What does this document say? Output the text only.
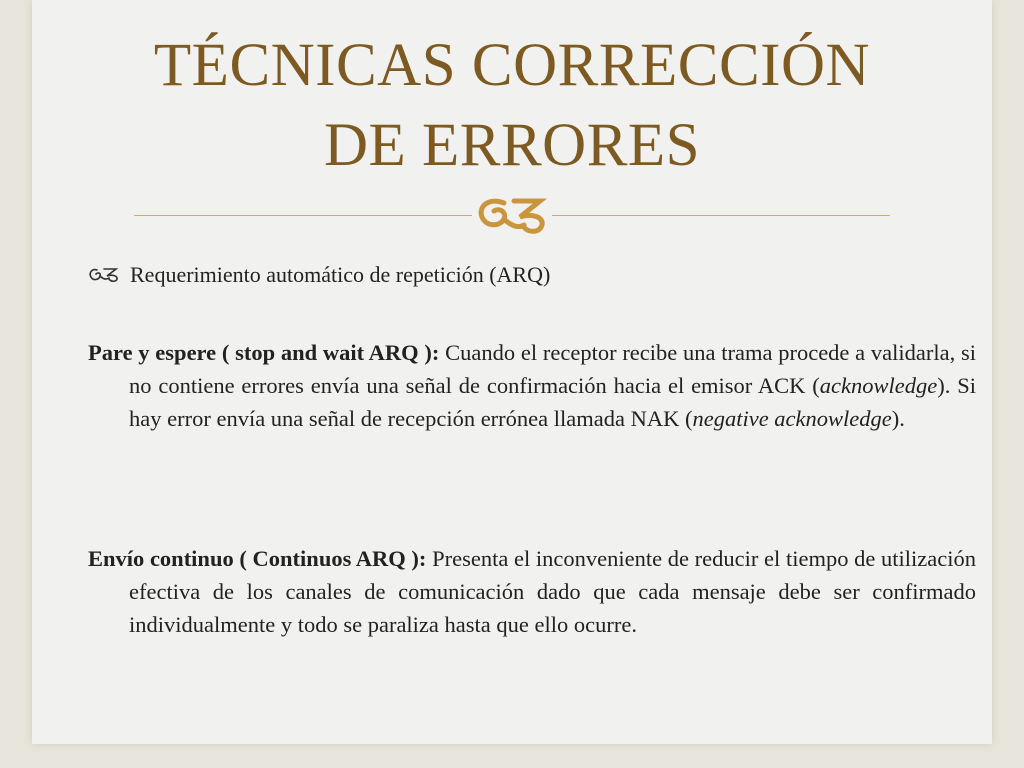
TÉCNICAS CORRECCIÓN
DE ERRORES
Requerimiento automático de repetición (ARQ)

Pare y espere ( stop and wait ARQ ): Cuando el receptor recibe una trama procede a validarla, si no contiene errores envía una señal de confirmación hacia el emisor ACK (acknowledge). Si hay error envía una señal de recepción errónea llamada NAK (negative acknowledge).

Envío continuo ( Continuos ARQ ): Presenta el inconveniente de reducir el tiempo de utilización efectiva de los canales de comunicación dado que cada mensaje debe ser confirmado individualmente y todo se paraliza hasta que ello ocurre.
